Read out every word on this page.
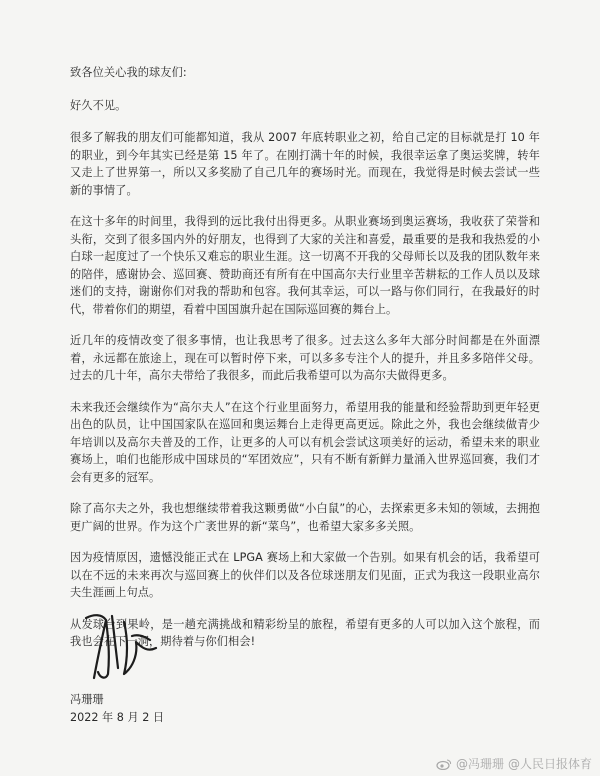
致各位关心我的球友们:

好久不见。

很多了解我的朋友们可能都知道，我从 2007 年底转职业之初，给自己定的目标就是打 10 年的职业，到今年其实已经是第 15 年了。在刚打满十年的时候，我很幸运拿了奥运奖牌，转年又走上了世界第一，所以又多奖励了自己几年的赛场时光。而现在，我觉得是时候去尝试一些新的事情了。

在这十多年的时间里，我得到的远比我付出得更多。从职业赛场到奥运赛场，我收获了荣誉和头衔，交到了很多国内外的好朋友，也得到了大家的关注和喜爱，最重要的是我和我热爱的小白球一起度过了一个快乐又难忘的职业生涯。这一切离不开我的父母师长以及我的团队数年来的陪伴，感谢协会、巡回赛、赞助商还有所有在中国高尔夫行业里辛苦耕耘的工作人员以及球迷们的支持，谢谢你们对我的帮助和包容。我何其幸运，可以一路与你们同行，在我最好的时代，带着你们的期望，看着中国国旗升起在国际巡回赛的舞台上。

近几年的疫情改变了很多事情，也让我思考了很多。过去这么多年大部分时间都是在外面漂着，永远都在旅途上，现在可以暂时停下来，可以多多专注个人的提升，并且多多陪伴父母。过去的几十年，高尔夫带给了我很多，而此后我希望可以为高尔夫做得更多。

未来我还会继续作为“高尔夫人”在这个行业里面努力，希望用我的能量和经验帮助到更年轻更出色的队员，让中国国家队在巡回和奥运舞台上走得更高更远。除此之外，我也会继续做青少年培训以及高尔夫普及的工作，让更多的人可以有机会尝试这项美好的运动，希望未来的职业赛场上，咱们也能形成中国球员的“军团效应”，只有不断有新鲜力量涌入世界巡回赛，我们才会有更多的冠军。

除了高尔夫之外，我也想继续带着我这颗勇做“小白鼠”的心，去探索更多未知的领域，去拥抱更广阔的世界。作为这个广袤世界的新“菜鸟”，也希望大家多多关照。

因为疫情原因，遗憾没能正式在 LPGA 赛场上和大家做一个告别。如果有机会的话，我希望可以在不远的未来再次与巡回赛上的伙伴们以及各位球迷朋友们见面，正式为我这一段职业高尔夫生涯画上句点。

从发球台到果岭，是一趟充满挑战和精彩纷呈的旅程，希望有更多的人可以加入这个旅程，而我也会在下一洞，期待着与你们相会!

冯珊珊
2022 年 8 月 2 日
@冯珊珊 @人民日报体育
